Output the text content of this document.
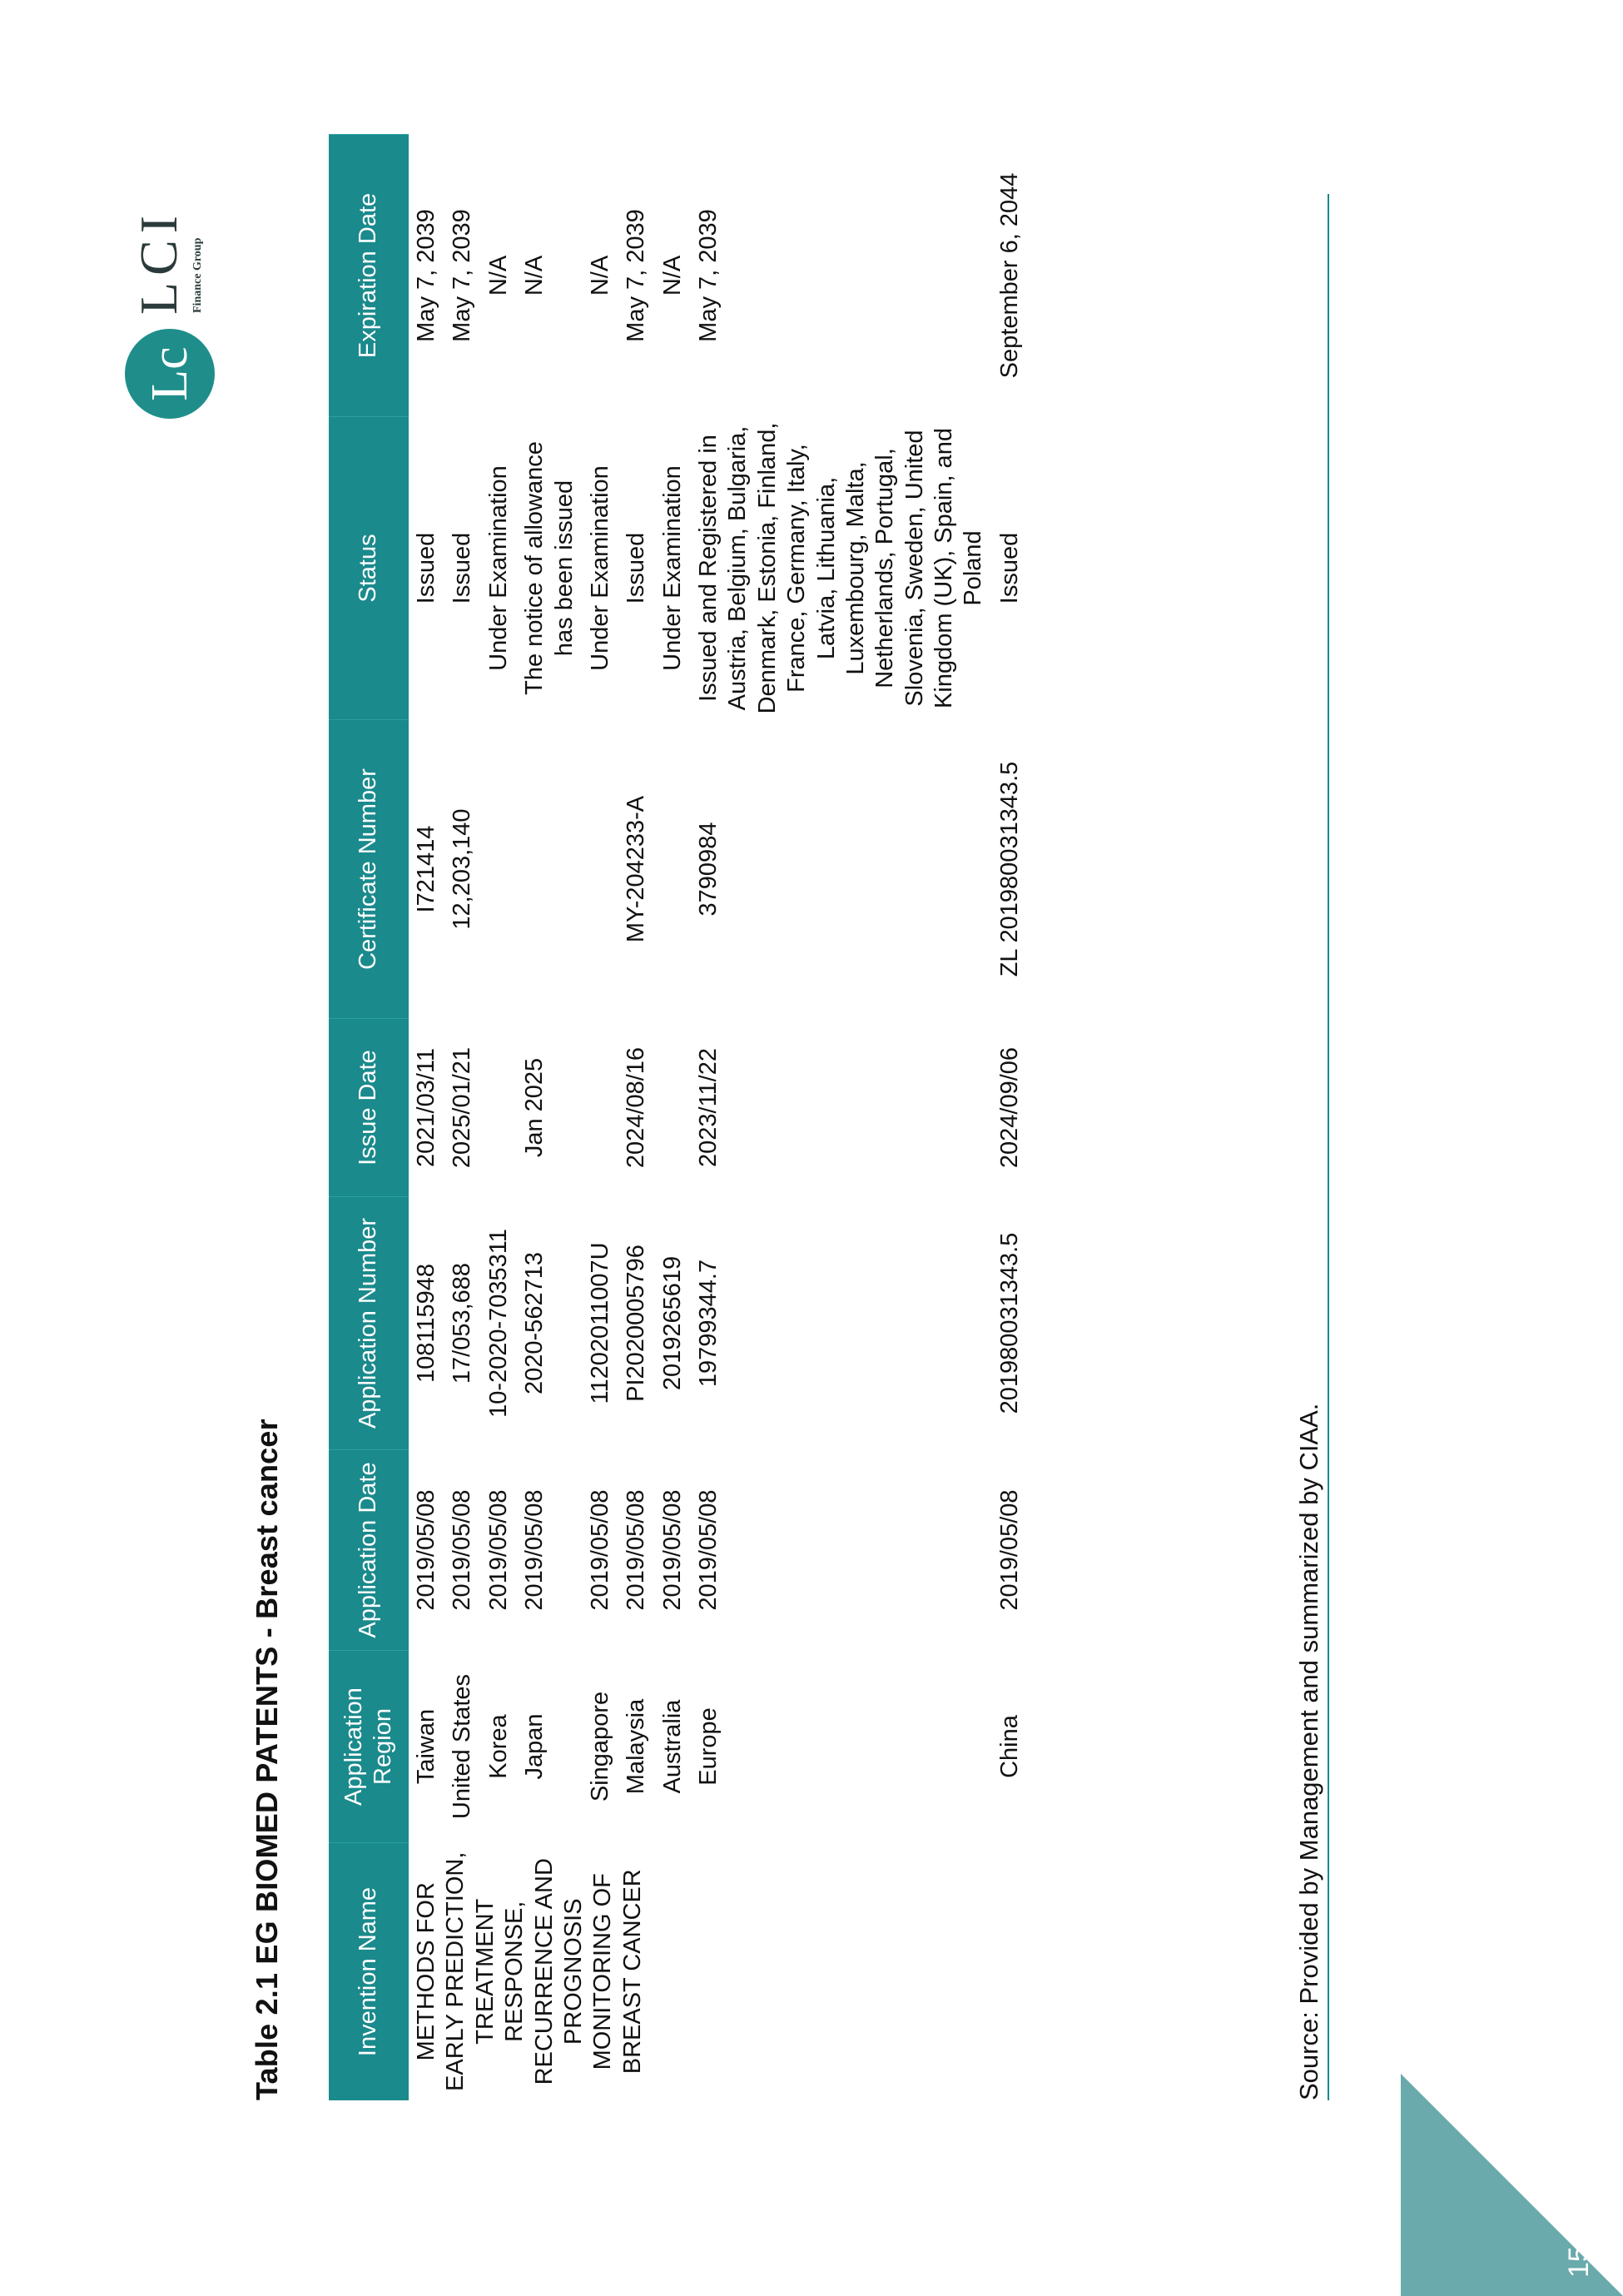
Table 2.1 EG BIOMED PATENTS - Breast cancer	Invention Name	Application Region	Application Date	Application Number	Issue Date	Certificate Number	Status	Expiration Date
METHODS FOR EARLY PREDICTION, TREATMENT RESPONSE, RECURRENCE AND PROGNOSIS MONITORING OF BREAST CANCER	Taiwan	2019/05/08	108115948	2021/03/11	I721414	Issued	May 7, 2039
	United States	2019/05/08	17/053,688	2025/01/21	12,203,140	Issued	May 7, 2039
	Korea	2019/05/08	10-2020-7035311			Under Examination	N/A
	Japan	2019/05/08	2020-562713	Jan 2025		The notice of allowance has been issued	N/A
	Singapore	2019/05/08	11202011007U			Under Examination	N/A
	Malaysia	2019/05/08	PI2020005796	2024/08/16	MY-204233-A	Issued	May 7, 2039
	Australia	2019/05/08	2019265619			Under Examination	N/A
	Europe	2019/05/08	19799344.7	2023/11/22	3790984	Issued and Registered in Austria, Belgium, Bulgaria, Denmark, Estonia, Finland, France, Germany, Italy, Latvia, Lithuania, Luxembourg, Malta, Netherlands, Portugal, Slovenia, Sweden, United Kingdom (UK), Spain, and Poland	May 7, 2039
	China	2019/05/08	201980031343.5	2024/09/06	ZL 201980031343.5	Issued	September 6, 2044
Source: Provided by Management and summarized by CIAA.
Lc
LCI Finance Group
15
